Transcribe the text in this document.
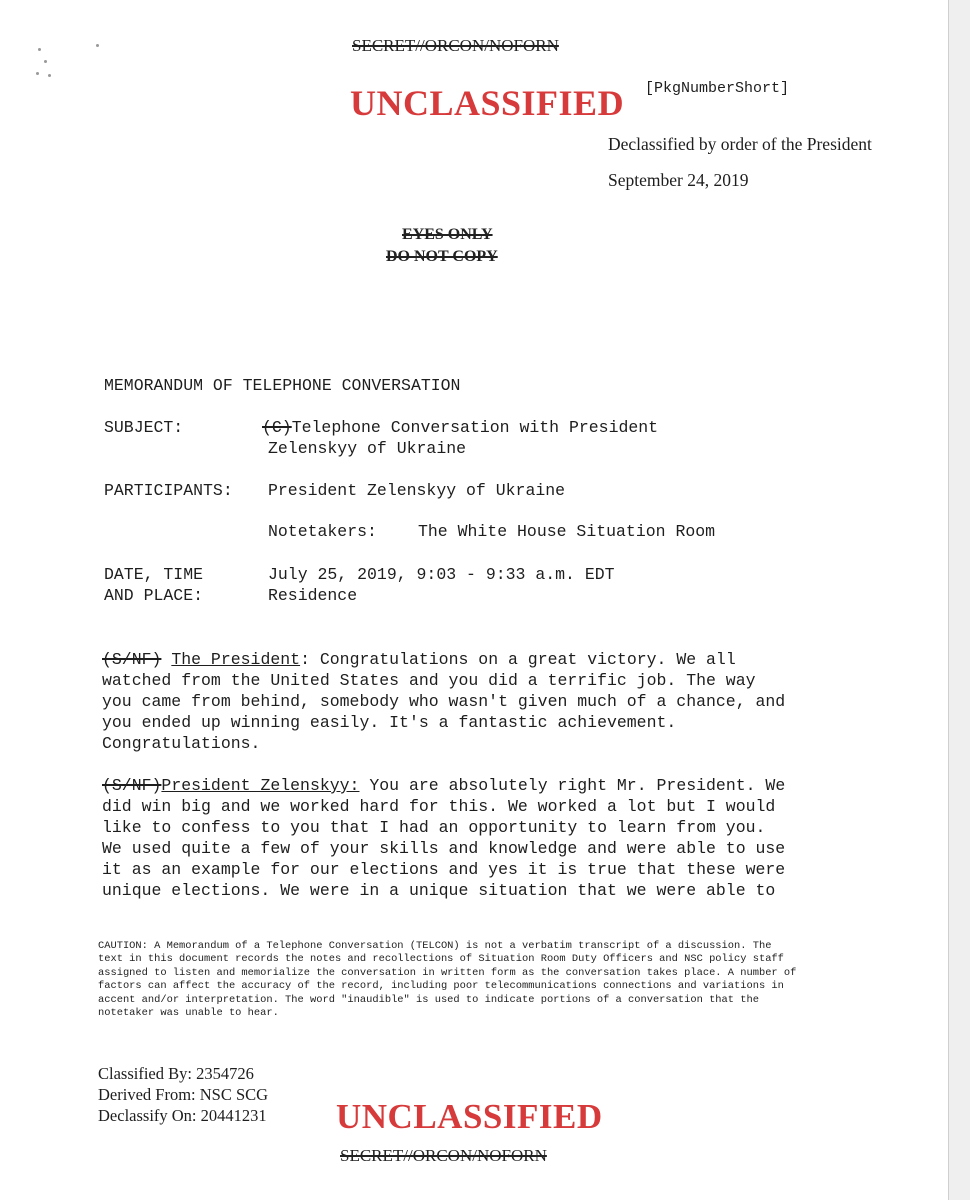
SECRET//ORCON/NOFORN
UNCLASSIFIED [PkgNumberShort]
Declassified by order of the President
September 24, 2019
EYES ONLY
DO NOT COPY
MEMORANDUM OF TELEPHONE CONVERSATION
SUBJECT:	(C)Telephone Conversation with President
Zelenskyy of Ukraine
PARTICIPANTS: President Zelenskyy of Ukraine
Notetakers: The White House Situation Room
DATE, TIME
AND PLACE:
July 25, 2019, 9:03 - 9:33 a.m. EDT
Residence
(S/NF) The President: Congratulations on a great victory. We all watched from the United States and you did a terrific job. The way you came from behind, somebody who wasn't given much of a chance, and you ended up winning easily. It's a fantastic achievement. Congratulations.
(S/NF)President Zelenskyy: You are absolutely right Mr. President. We did win big and we worked hard for this. We worked a lot but I would like to confess to you that I had an opportunity to learn from you. We used quite a few of your skills and knowledge and were able to use it as an example for our elections and yes it is true that these were unique elections. We were in a unique situation that we were able to
CAUTION: A Memorandum of a Telephone Conversation (TELCON) is not a verbatim transcript of a discussion. The text in this document records the notes and recollections of Situation Room Duty Officers and NSC policy staff assigned to listen and memorialize the conversation in written form as the conversation takes place. A number of factors can affect the accuracy of the record, including poor telecommunications connections and variations in accent and/or interpretation. The word "inaudible" is used to indicate portions of a conversation that the notetaker was unable to hear.
Classified By: 2354726
Derived From: NSC SCG
Declassify On: 20441231 UNCLASSIFIED
SECRET//ORCON/NOFORN
